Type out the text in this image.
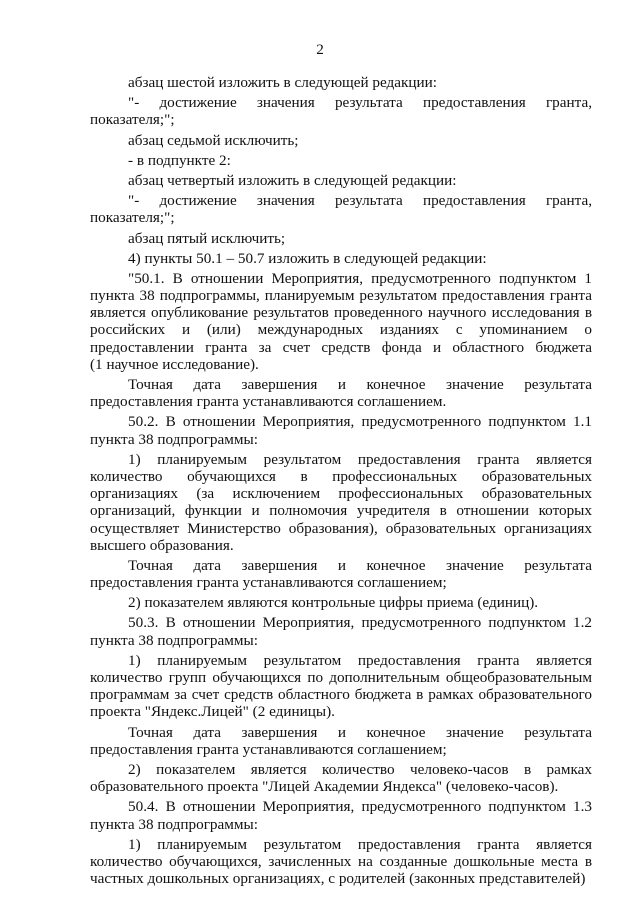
2
абзац шестой изложить в следующей редакции:
"- достижение значения результата предоставления гранта,
показателя;";
абзац седьмой исключить;
- в подпункте 2:
абзац четвертый изложить в следующей редакции:
"- достижение значения результата предоставления гранта,
показателя;";
абзац пятый исключить;
4) пункты 50.1 – 50.7 изложить в следующей редакции:
"50.1. В отношении Мероприятия, предусмотренного подпунктом 1
пункта 38 подпрограммы, планируемым результатом предоставления гранта
является опубликование результатов проведенного научного исследования в
российских и (или) международных изданиях с упоминанием о
предоставлении гранта за счет средств фонда и областного бюджета
(1 научное исследование).
Точная дата завершения и конечное значение результата
предоставления гранта устанавливаются соглашением.
50.2. В отношении Мероприятия, предусмотренного подпунктом 1.1
пункта 38 подпрограммы:
1) планируемым результатом предоставления гранта является
количество обучающихся в профессиональных образовательных
организациях (за исключением профессиональных образовательных
организаций, функции и полномочия учредителя в отношении которых
осуществляет Министерство образования), образовательных организациях
высшего образования.
Точная дата завершения и конечное значение результата
предоставления гранта устанавливаются соглашением;
2) показателем являются контрольные цифры приема (единиц).
50.3. В отношении Мероприятия, предусмотренного подпунктом 1.2
пункта 38 подпрограммы:
1) планируемым результатом предоставления гранта является
количество групп обучающихся по дополнительным общеобразовательным
программам за счет средств областного бюджета в рамках образовательного
проекта "Яндекс.Лицей" (2 единицы).
Точная дата завершения и конечное значение результата
предоставления гранта устанавливаются соглашением;
2) показателем является количество человеко-часов в рамках
образовательного проекта "Лицей Академии Яндекса" (человеко-часов).
50.4. В отношении Мероприятия, предусмотренного подпунктом 1.3
пункта 38 подпрограммы:
1) планируемым результатом предоставления гранта является
количество обучающихся, зачисленных на созданные дошкольные места в
частных дошкольных организациях, с родителей (законных представителей)
